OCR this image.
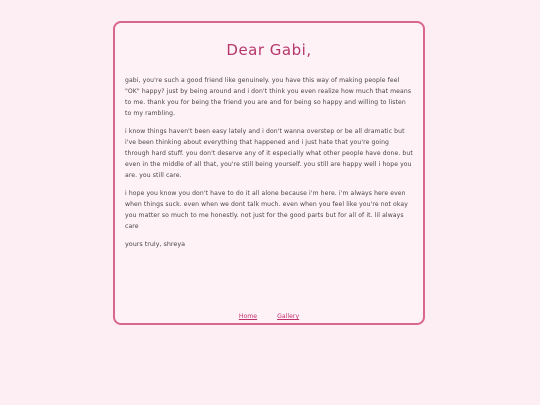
Dear Gabi,

gabi, you're such a good friend like genuinely. you have this way of making people feel "OK" happy? just by being around and i don't think you even realize how much that means to me. thank you for being the friend you are and for being so happy and willing to listen to my rambling.

i know things haven't been easy lately and i don't wanna overstep or be all dramatic but i've been thinking about everything that happened and i just hate that you're going through hard stuff. you don't deserve any of it especially what other people have done. but even in the middle of all that, you're still being yourself. you still are happy well i hope you are. you still care.

i hope you know you don't have to do it all alone because i'm here. i'm always here even when things suck. even when we dont talk much. even when you feel like you're not okay you matter so much to me honestly. not just for the good parts but for all of it. lil always care

yours truly, shreya

Home	Gallery
